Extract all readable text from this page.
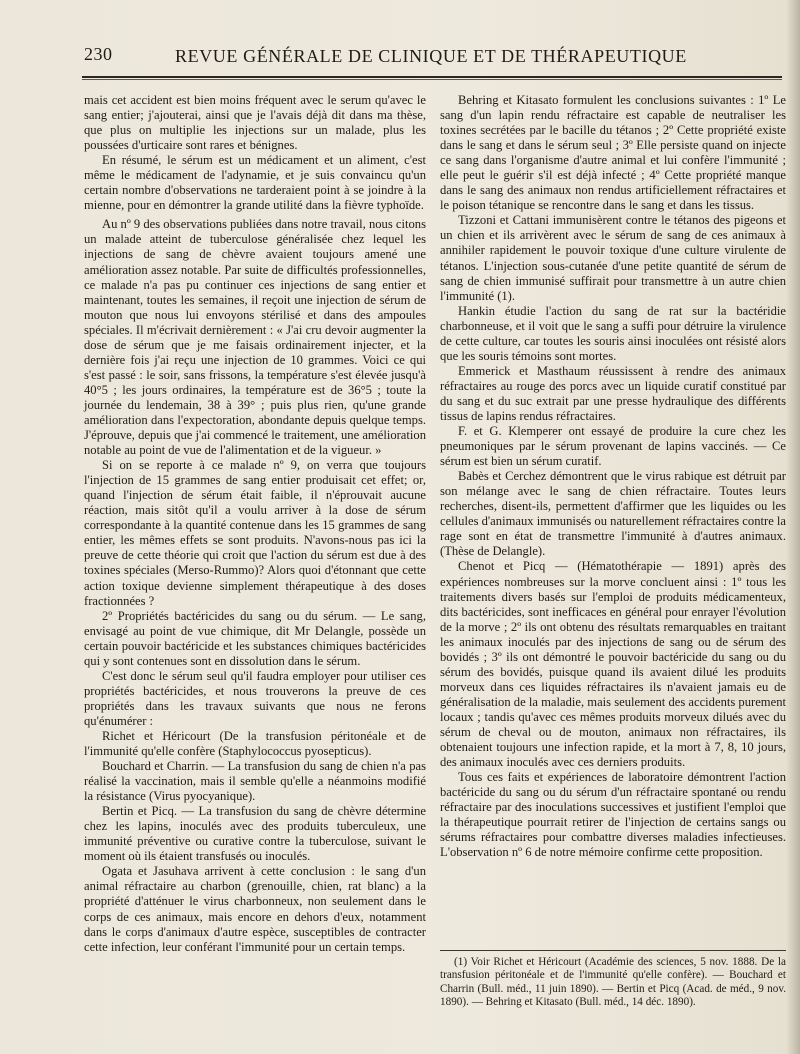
230	REVUE GÉNÉRALE DE CLINIQUE ET DE THÉRAPEUTIQUE

mais cet accident est bien moins fréquent avec le serum qu'avec le sang entier; j'ajouterai, ainsi que je l'avais déjà dit dans ma thèse, que plus on multiplie les injections sur un malade, plus les poussées d'urticaire sont rares et bénignes.

En résumé, le sérum est un médicament et un aliment, c'est même le médicament de l'adynamie, et je suis convaincu qu'un certain nombre d'observations ne tarderaient point à se joindre à la mienne, pour en démontrer la grande utilité dans la fièvre typhoïde.

Au nº 9 des observations publiées dans notre travail, nous citons un malade atteint de tuberculose généralisée chez lequel les injections de sang de chèvre avaient toujours amené une amélioration assez notable. Par suite de difficultés professionnelles, ce malade n'a pas pu continuer ces injections de sang entier et maintenant, toutes les semaines, il reçoit une injection de sérum de mouton que nous lui envoyons stérilisé et dans des ampoules spéciales. Il m'écrivait dernièrement : « J'ai cru devoir augmenter la dose de sérum que je me faisais ordinairement injecter, et la dernière fois j'ai reçu une injection de 10 grammes. Voici ce qui s'est passé : le soir, sans frissons, la température s'est élevée jusqu'à 40°5 ; les jours ordinaires, la température est de 36°5 ; toute la journée du lendemain, 38 à 39° ; puis plus rien, qu'une grande amélioration dans l'expectoration, abondante depuis quelque temps. J'éprouve, depuis que j'ai commencé le traitement, une amélioration notable au point de vue de l'alimentation et de la vigueur. »

Si on se reporte à ce malade nº 9, on verra que toujours l'injection de 15 grammes de sang entier produisait cet effet; or, quand l'injection de sérum était faible, il n'éprouvait aucune réaction, mais sitôt qu'il a voulu arriver à la dose de sérum correspondante à la quantité contenue dans les 15 grammes de sang entier, les mêmes effets se sont produits. N'avons-nous pas ici la preuve de cette théorie qui croit que l'action du sérum est due à des toxines spéciales (Merso-Rummo)? Alors quoi d'étonnant que cette action toxique devienne simplement thérapeutique à des doses fractionnées ?

2º Propriétés bactéricides du sang ou du sérum. — Le sang, envisagé au point de vue chimique, dit Mr Delangle, possède un certain pouvoir bactéricide et les substances chimiques bactéricides qui y sont contenues sont en dissolution dans le sérum.

C'est donc le sérum seul qu'il faudra employer pour utiliser ces propriétés bactéricides, et nous trouverons la preuve de ces propriétés dans les travaux suivants que nous ne ferons qu'énumérer :

Richet et Héricourt (De la transfusion péritonéale et de l'immunité qu'elle confère (Staphylococcus pyosepticus).

Bouchard et Charrin. — La transfusion du sang de chien n'a pas réalisé la vaccination, mais il semble qu'elle a néanmoins modifié la résistance (Virus pyocyanique).

Bertin et Picq. — La transfusion du sang de chèvre détermine chez les lapins, inoculés avec des produits tuberculeux, une immunité préventive ou curative contre la tuberculose, suivant le moment où ils étaient transfusés ou inoculés.

Ogata et Jasuhava arrivent à cette conclusion : le sang d'un animal réfractaire au charbon (grenouille, chien, rat blanc) a la propriété d'atténuer le virus charbonneux, non seulement dans le corps de ces animaux, mais encore en dehors d'eux, notamment dans le corps d'animaux d'autre espèce, susceptibles de contracter cette infection, leur conférant l'immunité pour un certain temps.

Behring et Kitasato formulent les conclusions suivantes : 1º Le sang d'un lapin rendu réfractaire est capable de neutraliser les toxines secrétées par le bacille du tétanos ; 2º Cette propriété existe dans le sang et dans le sérum seul ; 3º Elle persiste quand on injecte ce sang dans l'organisme d'autre animal et lui confère l'immunité ; elle peut le guérir s'il est déjà infecté ; 4º Cette propriété manque dans le sang des animaux non rendus artificiellement réfractaires et le poison tétanique se rencontre dans le sang et dans les tissus.

Tizzoni et Cattani immunisèrent contre le tétanos des pigeons et un chien et ils arrivèrent avec le sérum de sang de ces animaux à annihiler rapidement le pouvoir toxique d'une culture virulente de tétanos. L'injection sous-cutanée d'une petite quantité de sérum de sang de chien immunisé suffirait pour transmettre à un autre chien l'immunité (1).

Hankin étudie l'action du sang de rat sur la bactéridie charbonneuse, et il voit que le sang a suffi pour détruire la virulence de cette culture, car toutes les souris ainsi inoculées ont résisté alors que les souris témoins sont mortes.

Emmerick et Masthaum réussissent à rendre des animaux réfractaires au rouge des porcs avec un liquide curatif constitué par du sang et du suc extrait par une presse hydraulique des différents tissus de lapins rendus réfractaires.

F. et G. Klemperer ont essayé de produire la cure chez les pneumoniques par le sérum provenant de lapins vaccinés. — Ce sérum est bien un sérum curatif.

Babès et Cerchez démontrent que le virus rabique est détruit par son mélange avec le sang de chien réfractaire. Toutes leurs recherches, disent-ils, permettent d'affirmer que les liquides ou les cellules d'animaux immunisés ou naturellement réfractaires contre la rage sont en état de transmettre l'immunité à d'autres animaux. (Thèse de Delangle).

Chenot et Picq — (Hématothérapie — 1891) après des expériences nombreuses sur la morve concluent ainsi : 1º tous les traitements divers basés sur l'emploi de produits médicamenteux, dits bactéricides, sont inefficaces en général pour enrayer l'évolution de la morve ; 2º ils ont obtenu des résultats remarquables en traitant les animaux inoculés par des injections de sang ou de sérum des bovidés ; 3º ils ont démontré le pouvoir bactéricide du sang ou du sérum des bovidés, puisque quand ils avaient dilué les produits morveux dans ces liquides réfractaires ils n'avaient jamais eu de généralisation de la maladie, mais seulement des accidents purement locaux ; tandis qu'avec ces mêmes produits morveux dilués avec du sérum de cheval ou de mouton, animaux non réfractaires, ils obtenaient toujours une infection rapide, et la mort à 7, 8, 10 jours, des animaux inoculés avec ces derniers produits.

Tous ces faits et expériences de laboratoire démontrent l'action bactéricide du sang ou du sérum d'un réfractaire spontané ou rendu réfractaire par des inoculations successives et justifient l'emploi que la thérapeutique pourrait retirer de l'injection de certains sangs ou sérums réfractaires pour combattre diverses maladies infectieuses. L'observation nº 6 de notre mémoire confirme cette proposition.

(1) Voir Richet et Héricourt (Académie des sciences, 5 nov. 1888. De la transfusion péritonéale et de l'immunité qu'elle confère). — Bouchard et Charrin (Bull. méd., 11 juin 1890). — Bertin et Picq (Acad. de méd., 9 nov. 1890). — Behring et Kitasato (Bull. méd., 14 déc. 1890).
